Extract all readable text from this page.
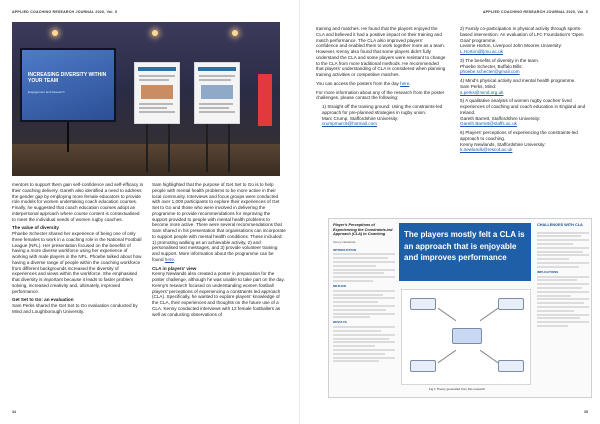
APPLIED COACHING RESEARCH JOURNAL 2020, Vol. 5
INCREASING DIVERSITY WITHIN YOUR TEAM
Engagement and Research

mentors to support them gain self-confidence and self-efficacy in their coaching delivery. Gareth also identified a need to address the gender gap by employing more female educators to provide role models for women undertaking coach education courses. Finally, he suggested that coach education courses adopt an interpersonal approach where course content is contextualised to meet the individual needs of women rugby coaches.

The value of diversity

Phoebe Schecter shared her experience of being one of only three females to work in a coaching role in the National Football League (NFL). Her presentation focused on the benefits of having a more diverse workforce using her experience of working with male players in the NFL. Phoebe talked about how having a diverse range of people within the coaching workforce from different backgrounds increased the diversity of experiences and views within the workforce. She emphasised that diversity is important because it leads to faster problem solving, increased creativity and, ultimately, improved performance.

Get Set to Go: an evaluation

Sam Perks shared the Get Set to Go evaluation conducted by Mind and Loughborough University.

Sam highlighted that the purpose of Get Set to Go is to help people with mental health problems to be more active in their local community. Interviews and focus groups were conducted with over 1,000 participants to explore their experiences of Get Set to Go and those who were involved in delivering the programme to provide recommendations for improving the support provided to people with mental health problems to become more active. There were several recommendations that Sam shared in his presentation that organisations can incorporate to support people with mental health conditions. These included: 1) promoting walking as an achievable activity, 2) and personalised text messages, and 3) provide volunteer training and support. More information about the programme can be found here.

CLA in players' view

Kenny Newlands also created a poster in preparation for the poster challenge, although he was unable to take part on the day. Kenny's research focused on understanding women football players' perceptions of experiencing a constraints led approach (CLA). Specifically, he wanted to explore players' knowledge of the CLA, their experiences and thoughts on the future use of a CLA. Kenny conducted interviews with 12 female footballers as well as conducting observations of

34
APPLIED COACHING RESEARCH JOURNAL 2020, Vol. 5

training and matches. He found that the players enjoyed the CLA and believed it had a positive impact on their training and match performance. The CLA also improved players' confidence and enabled them to work together more as a team. However, Kenny also found that some players didn't fully understand the CLA and some players were resistant to change to the CLA from more traditional methods. He recommended that players' understanding of CLA is considered when planning training activities or competitive matches.

You can access the posters from the day here.

For more information about any of the research from the poster challenges, please contact the following:

1) Straight off the training ground: Using the constraints-led approach for pre-planned strategies in rugby union.
Marc Crump, Staffordshire University:
crumpmarc9@hotmail.com

2) Family co-participation in physical activity through sports-based intervention: An evaluation of LFC Foundation's 'Open Goal' programme.
Leanne Horton, Liverpool John Moores University: L.Horton@ljmu.ac.uk

3) The benefits of diversity in the team.
Phoebe Schecter, Buffalo Bills:
phoebe.schecter@gmail.com

4) Mind's physical activity and mental health programme.
Sam Perks, Mind:
s.perks@mind.org.uk

5) A qualitative analysis of women rugby coaches' lived experiences of coaching and coach education in England and Ireland.
Gareth Barrett, Staffordshire University:
Gareth.Barrett@staffs.ac.uk

6) Players' perceptions of experiencing the constraints-led approach to coaching.
Kenny Newlands, Staffordshire University:
k.newlands@rescot.ac.uk

35
Player's Perceptions of Experiencing the Constraints-led Approach (CLA) to Coaching
Kenny Newlands
INTRODUCTION
METHOD
RESULTS
The players mostly felt a CLA is an approach that is enjoyable and improves performance
Fig 1 Theory generated from this research
CHALLENGES WITH CLA
IMPLICATIONS
